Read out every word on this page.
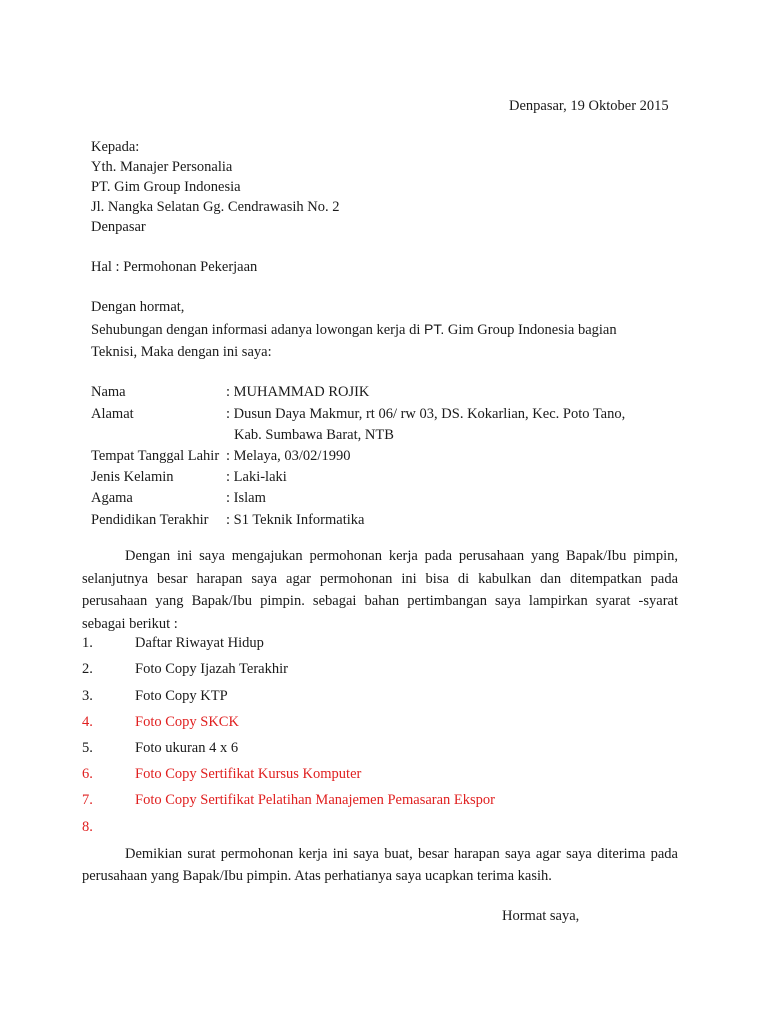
Denpasar, 19 Oktober 2015
Kepada:
Yth. Manajer Personalia
PT. Gim Group Indonesia
Jl. Nangka Selatan Gg. Cendrawasih No. 2
Denpasar
Hal : Permohonan Pekerjaan
Dengan hormat,
Sehubungan dengan informasi adanya lowongan kerja di PT. Gim Group Indonesia bagian Teknisi, Maka dengan ini saya:
Nama	: MUHAMMAD ROJIK
Alamat	: Dusun Daya Makmur, rt 06/ rw 03, DS. Kokarlian, Kec. Poto Tano,
Kab. Sumbawa Barat, NTB
Tempat Tanggal Lahir : Melaya, 03/02/1990
Jenis Kelamin	: Laki-laki
Agama	: Islam
Pendidikan Terakhir : S1 Teknik Informatika
Dengan ini saya mengajukan permohonan kerja pada perusahaan yang Bapak/Ibu pimpin, selanjutnya besar harapan saya agar permohonan ini bisa di kabulkan dan ditempatkan pada perusahaan yang Bapak/Ibu pimpin. sebagai bahan pertimbangan saya lampirkan syarat -syarat sebagai berikut :
1.	Daftar Riwayat Hidup
2.	Foto Copy Ijazah Terakhir
3.	Foto Copy KTP
4.	Foto Copy SKCK
5.	Foto ukuran 4 x 6
6.	Foto Copy Sertifikat Kursus Komputer
7.	Foto Copy Sertifikat Pelatihan Manajemen Pemasaran Ekspor
8.
Demikian surat permohonan kerja ini saya buat, besar harapan saya agar saya diterima pada perusahaan yang Bapak/Ibu pimpin. Atas perhatianya saya ucapkan terima kasih.
Hormat saya,
